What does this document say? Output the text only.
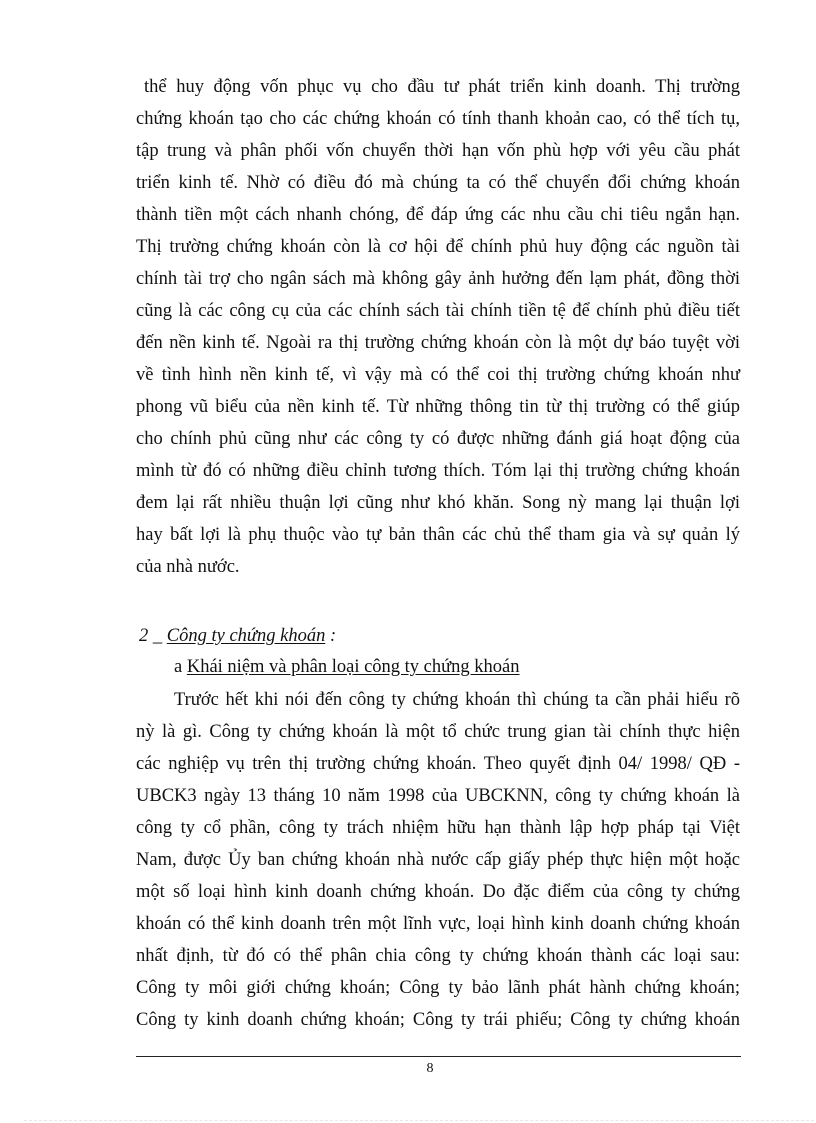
thể huy động vốn phục vụ cho đầu tư phát triển kinh doanh. Thị trường
chứng khoán tạo cho các chứng khoán có tính thanh khoản cao, có thể tích tụ,
tập trung và phân phối vốn chuyển thời hạn vốn phù hợp với yêu cầu phát
triển kinh tế. Nhờ có điều đó mà chúng ta có thể chuyển đổi chứng khoán
thành tiền một cách nhanh chóng, để đáp ứng các nhu cầu chi tiêu ngắn hạn.
Thị trường chứng khoán còn là cơ hội để chính phủ huy động các nguồn tài
chính tài trợ cho ngân sách mà không gây ảnh hưởng đến lạm phát, đồng thời
cũng là các công cụ của các chính sách tài chính tiền tệ để chính phủ điều tiết
đến nền kinh tế. Ngoài ra thị trường chứng khoán còn là một dự báo tuyệt vời
về tình hình nền kinh tế, vì vậy mà có thể coi thị trường chứng khoán như
phong vũ biểu của nền kinh tế. Từ những thông tin từ thị trường có thể giúp
cho chính phủ cũng như các công ty có được những đánh giá hoạt động của
mình từ đó có những điều chỉnh tương thích. Tóm lại thị trường chứng khoán
đem lại rất nhiều thuận lợi cũng như khó khăn. Song nỳ mang lại thuận lợi
hay bất lợi là phụ thuộc vào tự bản thân các chủ thể tham gia và sự quản lý
của nhà nước.
2 _ Công ty chứng khoán :
a Khái niệm và phân loại công ty chứng khoán
Trước hết khi nói đến công ty chứng khoán thì chúng ta cần phải hiểu rõ
nỳ là gì. Công ty chứng khoán là một tổ chức trung gian tài chính thực hiện
các nghiệp vụ trên thị trường chứng khoán. Theo quyết định 04/ 1998/ QĐ -
UBCK3 ngày 13 tháng 10 năm 1998 của UBCKNN, công ty chứng khoán là
công ty cổ phần, công ty trách nhiệm hữu hạn thành lập hợp pháp tại Việt
Nam, được Ủy ban chứng khoán nhà nước cấp giấy phép thực hiện một hoặc
một số loại hình kinh doanh chứng khoán. Do đặc điểm của công ty chứng
khoán có thể kinh doanh trên một lĩnh vực, loại hình kinh doanh chứng khoán
nhất định, từ đó có thể phân chia công ty chứng khoán thành các loại sau:
Công ty môi giới chứng khoán; Công ty bảo lãnh phát hành chứng khoán;
Công ty kinh doanh chứng khoán; Công ty trái phiếu; Công ty chứng khoán
8
